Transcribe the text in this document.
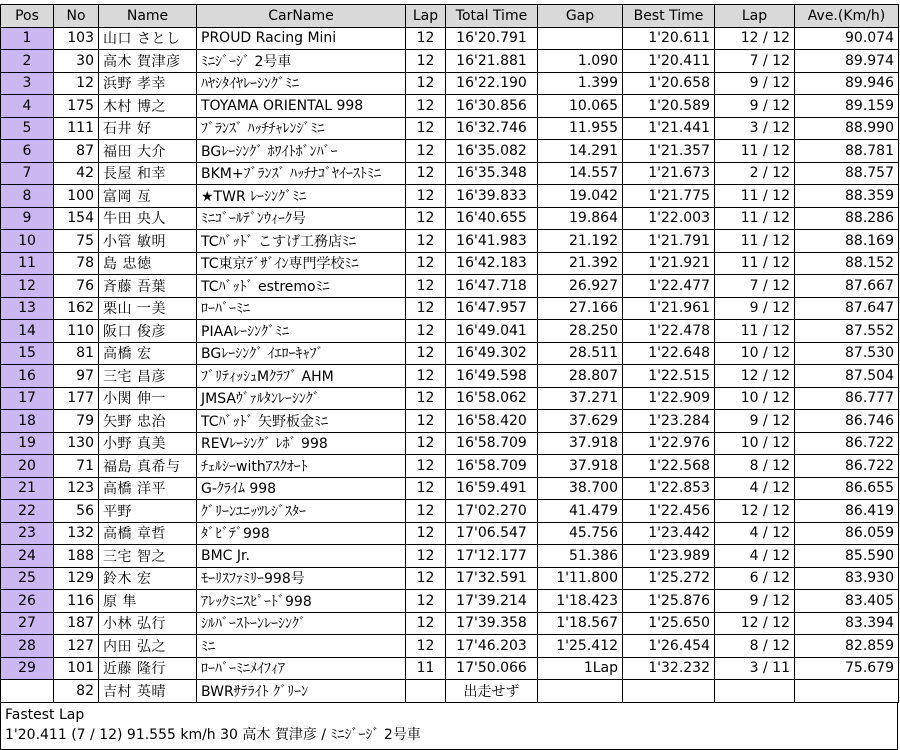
Pos	No	Name	CarName	Lap	Total Time	Gap	Best Time	Lap	Ave.(Km/h)
1	103	山口 さとし	PROUD Racing Mini	12	16'20.791		1'20.611	12 / 12	90.074
2	30	高木 賀津彦	ﾐﾆｼﾞｰｼﾞ 2号車	12	16'21.881	1.090	1'20.411	7 / 12	89.974
3	12	浜野 孝幸	ﾊﾔｼﾀｲﾔﾚｰｼﾝｸﾞﾐﾆ	12	16'22.190	1.399	1'20.658	9 / 12	89.946
4	175	木村 博之	TOYAMA ORIENTAL 998	12	16'30.856	10.065	1'20.589	9 / 12	89.159
5	111	石井 好	ﾌﾞﾗﾝｽﾞ ﾊｯﾁﾁｬﾚﾝｼﾞﾐﾆ	12	16'32.746	11.955	1'21.441	3 / 12	88.990
6	87	福田 大介	BGﾚｰｼﾝｸﾞ ﾎﾜｲﾄﾎﾞﾝﾊﾞｰ	12	16'35.082	14.291	1'21.357	11 / 12	88.781
7	42	長屋 和幸	BKM+ﾌﾞﾗﾝｽﾞ ﾊｯﾁﾅｺﾞﾔｲｰｽﾄﾐﾆ	12	16'35.348	14.557	1'21.673	2 / 12	88.757
8	100	富岡 亙	★TWR ﾚｰｼﾝｸﾞﾐﾆ	12	16'39.833	19.042	1'21.775	11 / 12	88.359
9	154	牛田 央人	ﾐﾆｺﾞｰﾙﾃﾞﾝｳｨｰｸ号	12	16'40.655	19.864	1'22.003	11 / 12	88.286
10	75	小管 敏明	TCﾊﾞｯﾄﾞ こすげ工務店ﾐﾆ	12	16'41.983	21.192	1'21.791	11 / 12	88.169
11	78	島 忠徳	TC東京ﾃﾞｻﾞｲﾝ専門学校ﾐﾆ	12	16'42.183	21.392	1'21.921	11 / 12	88.152
12	76	斉藤 吾葉	TCﾊﾞｯﾄﾞ estremoﾐﾆ	12	16'47.718	26.927	1'22.477	7 / 12	87.667
13	162	栗山 一美	ﾛｰﾊﾞｰﾐﾆ	12	16'47.957	27.166	1'21.961	9 / 12	87.647
14	110	阪口 俊彦	PIAAﾚｰｼﾝｸﾞﾐﾆ	12	16'49.041	28.250	1'22.478	11 / 12	87.552
15	81	高橋 宏	BGﾚｰｼﾝｸﾞ ｲｴﾛｰｷｬﾌﾞ	12	16'49.302	28.511	1'22.648	10 / 12	87.530
16	97	三宅 昌彦	ﾌﾞﾘﾃｨｯｼｭMｸﾗﾌﾞ AHM	12	16'49.598	28.807	1'22.515	12 / 12	87.504
17	177	小関 伸一	JMSAｳﾞｧﾙﾀﾝﾚｰｼﾝｸﾞ	12	16'58.062	37.271	1'22.909	10 / 12	86.777
18	79	矢野 忠治	TCﾊﾞｯﾄﾞ 矢野板金ﾐﾆ	12	16'58.420	37.629	1'23.284	9 / 12	86.746
19	130	小野 真美	REVﾚｰｼﾝｸﾞ ﾚﾎﾞ 998	12	16'58.709	37.918	1'22.976	10 / 12	86.722
20	71	福島 真希与	ﾁｪﾙｼｰwithｱｽｸｵｰﾄ	12	16'58.709	37.918	1'22.568	8 / 12	86.722
21	123	高橋 洋平	G-ｸﾗｲﾑ 998	12	16'59.491	38.700	1'22.853	4 / 12	86.655
22	56	平野	ｸﾞﾘｰﾝﾕﾆｯﾂﾚｼﾞｽﾀｰ	12	17'02.270	41.479	1'22.456	12 / 12	86.419
23	132	高橋 章哲	ﾀﾞﾋﾞﾃﾞ998	12	17'06.547	45.756	1'23.442	4 / 12	86.059
24	188	三宅 智之	BMC Jr.	12	17'12.177	51.386	1'23.989	4 / 12	85.590
25	129	鈴木 宏	ﾓｰﾘｽﾌｧﾐﾘｰ998号	12	17'32.591	1'11.800	1'25.272	6 / 12	83.930
26	116	原 隼	ｱﾚｯｸﾐﾆｽﾋﾟｰﾄﾞ998	12	17'39.214	1'18.423	1'25.876	9 / 12	83.405
27	187	小林 弘行	ｼﾙﾊﾞｰｽﾄｰﾝﾚｰｼﾝｸﾞ	12	17'39.358	1'18.567	1'25.650	12 / 12	83.394
28	127	内田 弘之	ﾐﾆ	12	17'46.203	1'25.412	1'26.454	8 / 12	82.859
29	101	近藤 隆行	ﾛｰﾊﾞｰﾐﾆﾒｲﾌｨｱ	11	17'50.066	1Lap	1'32.232	3 / 11	75.679
	82	吉村 英晴	BWRｻﾃﾗｲﾄ ｸﾞﾘｰﾝ		出走せず				
Fastest Lap
1'20.411 (7 / 12) 91.555 km/h 30 高木 賀津彦 / ﾐﾆｼﾞｰｼﾞ 2号車
